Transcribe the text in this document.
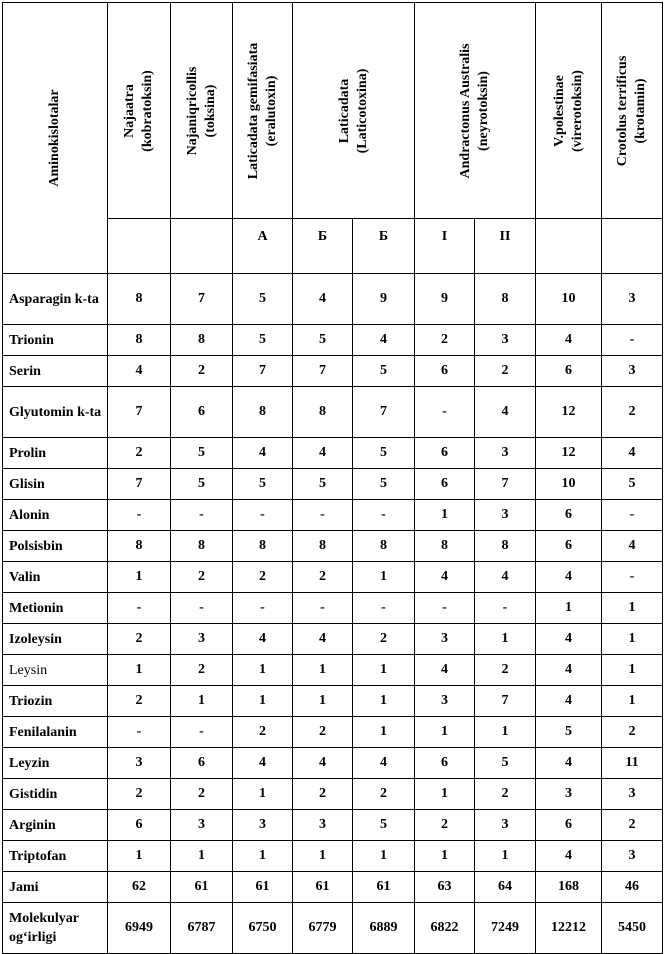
Aminokislotalar	Najaatra (kobratoksin)	Najaniqricollis (toksina)	Laticadata gemifasiata (eralutoxin)	Laticadata (Laticotoxina)		Andractonus Australis (neyrotoksin)		V.polestinae (virerotoksin)	Crotolus terrificus (krotamin)

			A	Б	Б	I	II		
Asparagin k-ta	8	7	5	4	9	9	8	10	3
Trionin	8	8	5	5	4	2	3	4	-
Serin	4	2	7	7	5	6	2	6	3
Glyutomin k-ta	7	6	8	8	7	-	4	12	2
Prolin	2	5	4	4	5	6	3	12	4
Glisin	7	5	5	5	5	6	7	10	5
Alonin	-	-	-	-	-	1	3	6	-
Polsisbin	8	8	8	8	8	8	8	6	4
Valin	1	2	2	2	1	4	4	4	-
Metionin	-	-	-	-	-	-	-	1	1
Izoleysin	2	3	4	4	2	3	1	4	1
Leysin	1	2	1	1	1	4	2	4	1
Triozin	2	1	1	1	1	3	7	4	1
Fenilalanin	-	-	2	2	1	1	1	5	2
Leyzin	3	6	4	4	4	6	5	4	11
Gistidin	2	2	1	2	2	1	2	3	3
Arginin	6	3	3	3	5	2	3	6	2
Triptofan	1	1	1	1	1	1	1	4	3
Jami	62	61	61	61	61	63	64	168	46
Molekulyar og‘irligi	6949	6787	6750	6779	6889	6822	7249	12212	5450
